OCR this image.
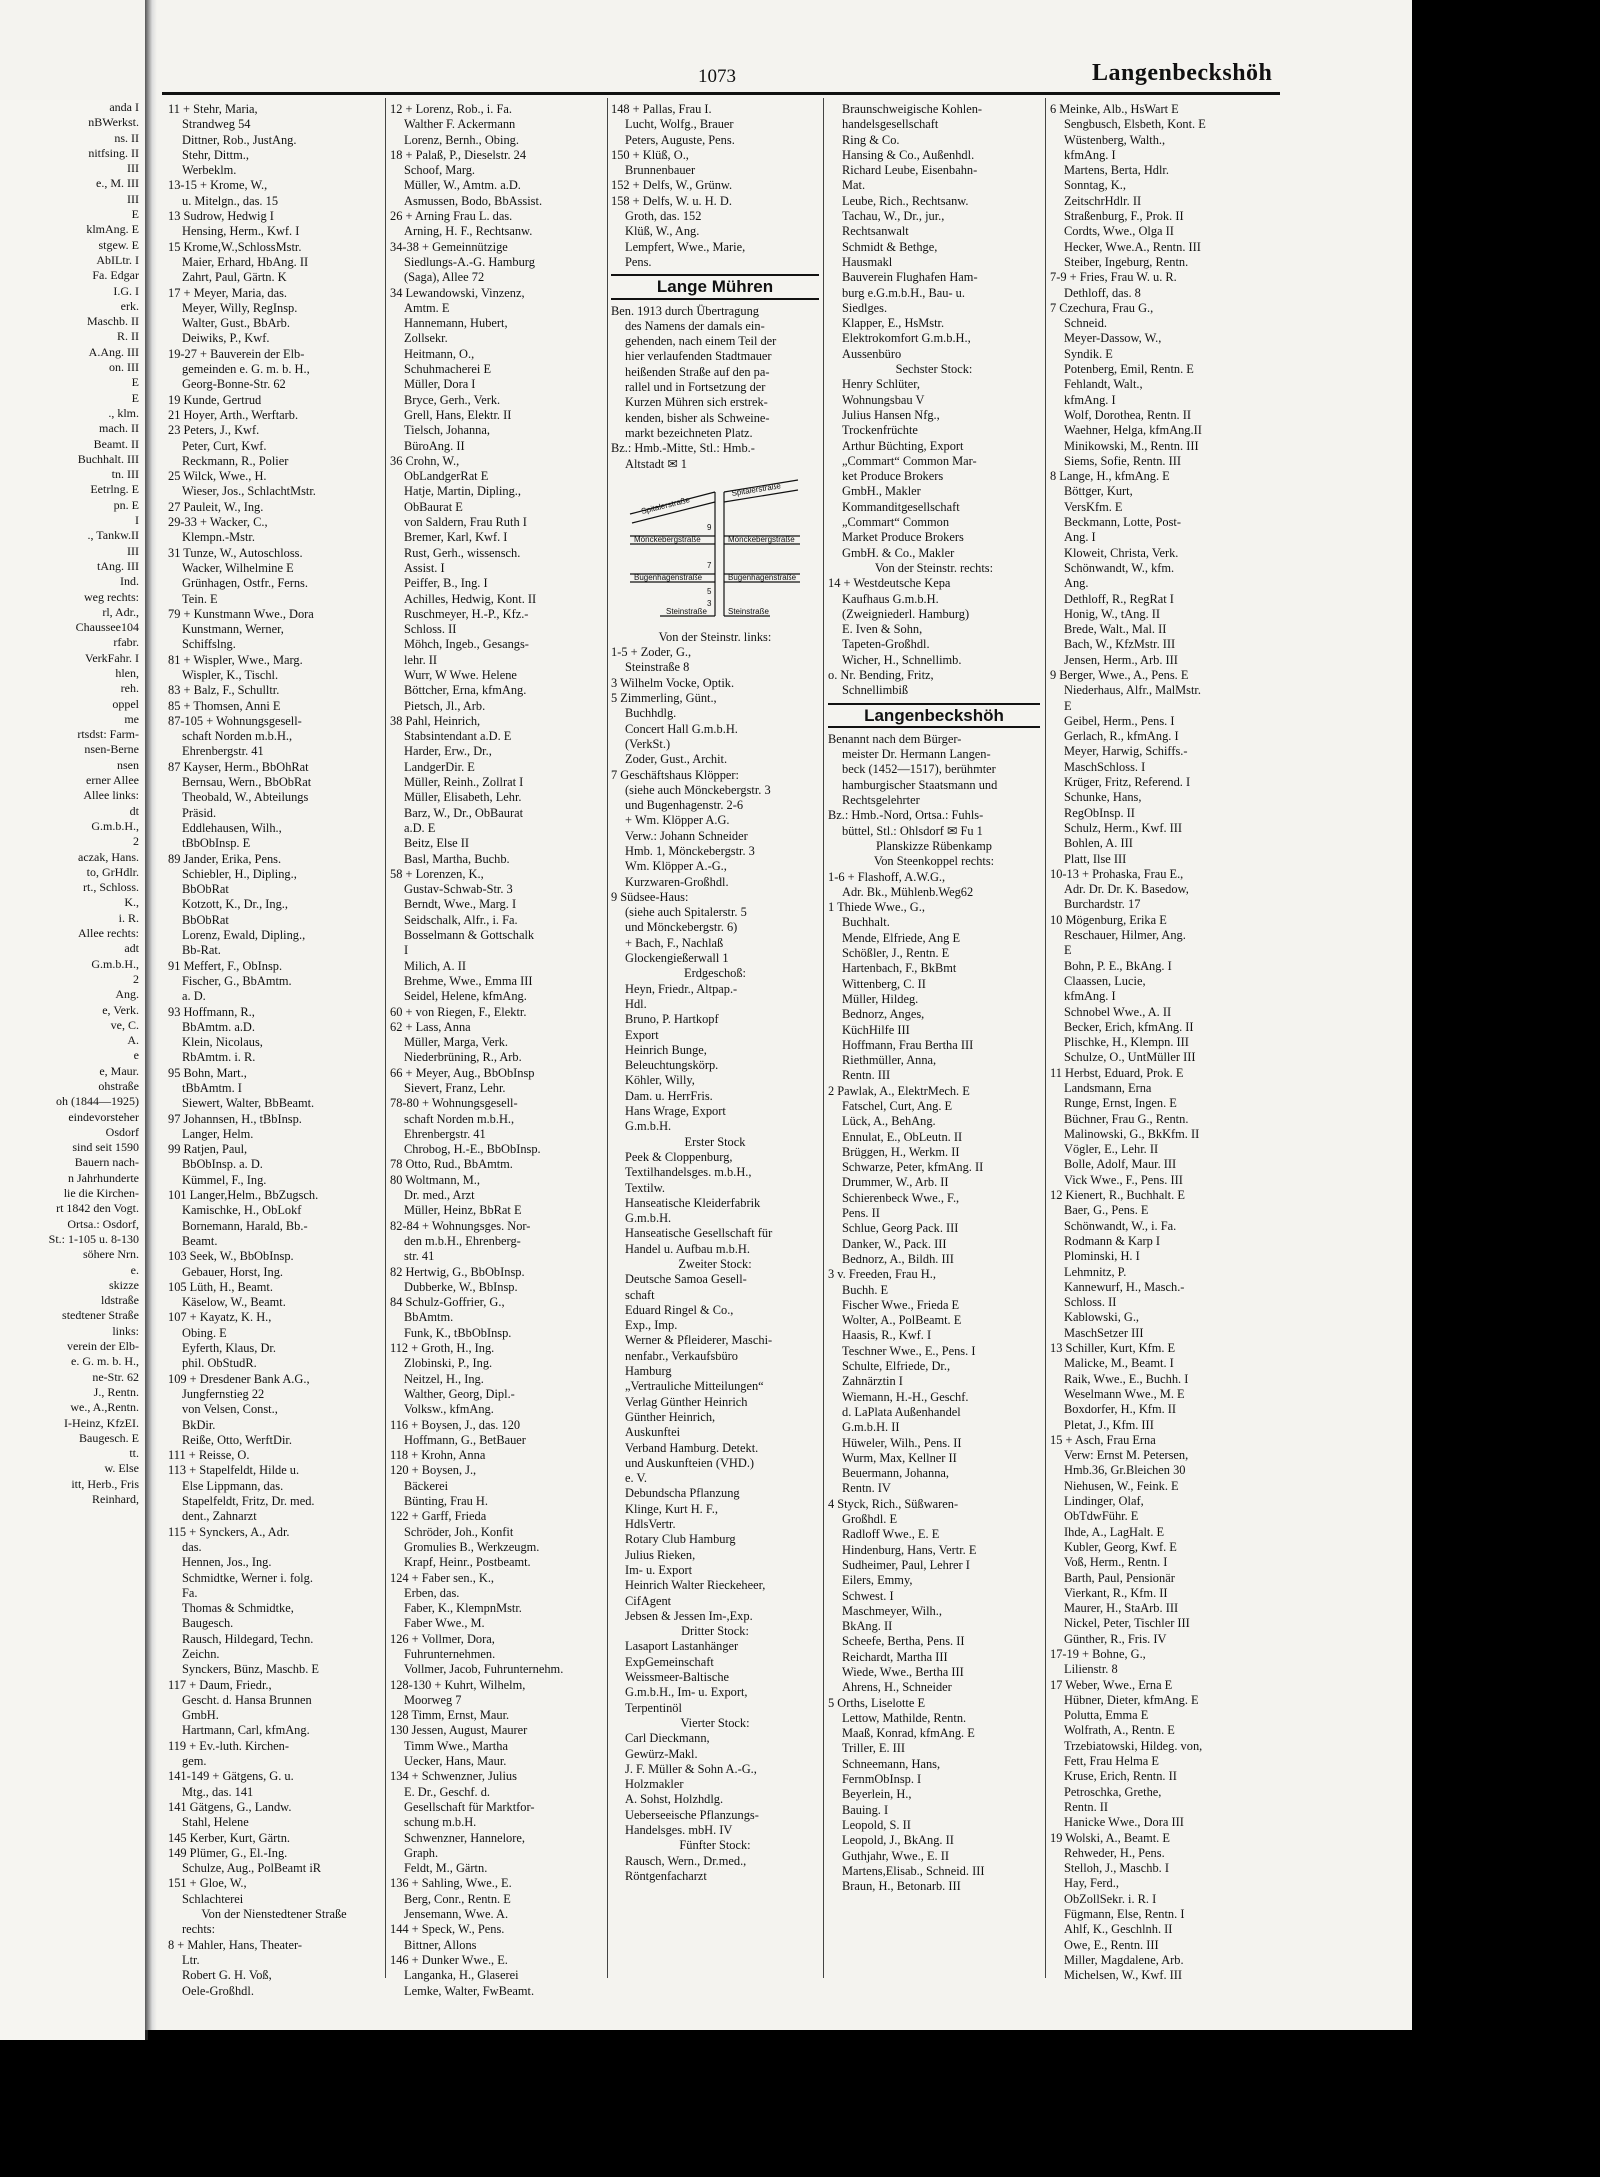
anda I
nBWerkst.
ns. II
nitfsing. II
III
e., M. III
III
E
klmAng. E
stgew. E
AbILtr. I
Fa. Edgar
I.G. I
erk.
Maschb. II
R. II
A.Ang. III
on. III
E
E
., klm.
mach. II
Beamt. II
Buchhalt. III
tn. III
Eetrlng. E
pn. E
I
., Tankw.II
III
tAng. III
Ind.
weg rechts:
rl, Adr.,
Chaussee104
rfabr.
VerkFahr. I
hlen,
reh.
oppel
me
rtsdst: Farm-
nsen-Berne
nsen
erner Allee
Allee links:
dt
G.m.b.H.,
2
aczak, Hans.
to, GrHdlr.
rt., Schloss.
K.,
i. R.
Allee rechts:
adt
G.m.b.H.,
2
Ang.
e, Verk.
ve, C.
A.
e
e, Maur.
ohstraße
oh (1844—1925)
eindevorsteher
Osdorf
sind seit 1590
Bauern nach-
n Jahrhunderte
lie die Kirchen-
rt 1842 den Vogt.
Ortsa.: Osdorf,
St.: 1-105 u. 8-130
söhere Nrn.
e.
skizze
ldstraße
stedtener Straße
links:
verein der Elb-
e. G. m. b. H.,
ne-Str. 62
J., Rentn.
we., A.,Rentn.
I-Heinz, KfzEI.
Baugesch. E
tt.
w. Else
itt, Herb., Fris
Reinhard,
1073	Langenbeckshöh
11 + Stehr, Maria,
Strandweg 54
Dittner, Rob., JustAng.
Stehr, Dittm.,
Werbeklm.
13-15 + Krome, W.,
u. Mitelgn., das. 15
13 Sudrow, Hedwig I
Hensing, Herm., Kwf. I
15 Krome,W.,SchlossMstr.
Maier, Erhard, HbAng. II
Zahrt, Paul, Gärtn. K
17 + Meyer, Maria, das.
Meyer, Willy, RegInsp.
Walter, Gust., BbArb.
Deiwiks, P., Kwf.
19-27 + Bauverein der Elb-
gemeinden e. G. m. b. H.,
Georg-Bonne-Str. 62
19 Kunde, Gertrud
21 Hoyer, Arth., Werftarb.
23 Peters, J., Kwf.
Peter, Curt, Kwf.
Reckmann, R., Polier
25 Wilck, Wwe., H.
Wieser, Jos., SchlachtMstr.
27 Pauleit, W., Ing.
29-33 + Wacker, C.,
Klempn.-Mstr.
31 Tunze, W., Autoschloss.
Wacker, Wilhelmine E
Grünhagen, Ostfr., Ferns.
Tein. E
79 + Kunstmann Wwe., Dora
Kunstmann, Werner,
Schiffslng.
81 + Wispler, Wwe., Marg.
Wispler, K., Tischl.
83 + Balz, F., Schulltr.
85 + Thomsen, Anni E
87-105 + Wohnungsgesell-
schaft Norden m.b.H.,
Ehrenbergstr. 41
87 Kayser, Herm., BbOhRat
Bernsau, Wern., BbObRat
Theobald, W., Abteilungs
Präsid.
Eddlehausen, Wilh.,
tBbObInsp. E
89 Jander, Erika, Pens.
Schiebler, H., Dipling.,
BbObRat
Kotzott, K., Dr., Ing.,
BbObRat
Lorenz, Ewald, Dipling.,
Bb-Rat.
91 Meffert, F., ObInsp.
Fischer, G., BbAmtm.
a. D.
93 Hoffmann, R.,
BbAmtm. a.D.
Klein, Nicolaus,
RbAmtm. i. R.
95 Bohn, Mart.,
tBbAmtm. I
Siewert, Walter, BbBeamt.
97 Johannsen, H., tBbInsp.
Langer, Helm.
99 Ratjen, Paul,
BbObInsp. a. D.
Kümmel, F., Ing.
101 Langer,Helm., BbZugsch.
Kamischke, H., ObLokf
Bornemann, Harald, Bb.-
Beamt.
103 Seek, W., BbObInsp.
Gebauer, Horst, Ing.
105 Lüth, H., Beamt.
Käselow, W., Beamt.
107 + Kayatz, K. H.,
Obing. E
Eyferth, Klaus, Dr.
phil. ObStudR.
109 + Dresdener Bank A.G.,
Jungfernstieg 22
von Velsen, Const.,
BkDir.
Reiße, Otto, WerftDir.
111 + Reisse, O.
113 + Stapelfeldt, Hilde u.
Else Lippmann, das.
Stapelfeldt, Fritz, Dr. med.
dent., Zahnarzt
115 + Synckers, A., Adr.
das.
Hennen, Jos., Ing.
Schmidtke, Werner i. folg.
Fa.
Thomas & Schmidtke,
Baugesch.
Rausch, Hildegard, Techn.
Zeichn.
Synckers, Bünz, Maschb. E
117 + Daum, Friedr.,
Gescht. d. Hansa Brunnen
GmbH.
Hartmann, Carl, kfmAng.
119 + Ev.-luth. Kirchen-
gem.
141-149 + Gätgens, G. u.
Mtg., das. 141
141 Gätgens, G., Landw.
Stahl, Helene
145 Kerber, Kurt, Gärtn.
149 Plümer, G., El.-Ing.
Schulze, Aug., PolBeamt iR
151 + Gloe, W.,
Schlachterei
Von der Nienstedtener Straße
rechts:
8 + Mahler, Hans, Theater-
Ltr.
Robert G. H. Voß,
Oele-Großhdl.
12 + Lorenz, Rob., i. Fa.
Walther F. Ackermann
Lorenz, Bernh., Obing.
18 + Palaß, P., Dieselstr. 24
Schoof, Marg.
Müller, W., Amtm. a.D.
Asmussen, Bodo, BbAssist.
26 + Arning Frau L. das.
Arning, H. F., Rechtsanw.
34-38 + Gemeinnützige
Siedlungs-A.-G. Hamburg
(Saga), Allee 72
34 Lewandowski, Vinzenz,
Amtm. E
Hannemann, Hubert,
Zollsekr.
Heitmann, O.,
Schuhmacherei E
Müller, Dora I
Bryce, Gerh., Verk.
Grell, Hans, Elektr. II
Tielsch, Johanna,
BüroAng. II
36 Crohn, W.,
ObLandgerRat E
Hatje, Martin, Dipling.,
ObBaurat E
von Saldern, Frau Ruth I
Bremer, Karl, Kwf. I
Rust, Gerh., wissensch.
Assist. I
Peiffer, B., Ing. I
Achilles, Hedwig, Kont. II
Ruschmeyer, H.-P., Kfz.-
Schloss. II
Möhch, Ingeb., Gesangs-
lehr. II
Wurr, W Wwe. Helene
Böttcher, Erna, kfmAng.
Pietsch, Jl., Arb.
38 Pahl, Heinrich,
Stabsintendant a.D. E
Harder, Erw., Dr.,
LandgerDir. E
Müller, Reinh., Zollrat I
Müller, Elisabeth, Lehr.
Barz, W., Dr., ObBaurat
a.D. E
Beitz, Else II
Basl, Martha, Buchb.
58 + Lorenzen, K.,
Gustav-Schwab-Str. 3
Berndt, Wwe., Marg. I
Seidschalk, Alfr., i. Fa.
Bosselmann & Gottschalk
I
Milich, A. II
Brehme, Wwe., Emma III
Seidel, Helene, kfmAng.
60 + von Riegen, F., Elektr.
62 + Lass, Anna
Müller, Marga, Verk.
Niederbrüning, R., Arb.
66 + Meyer, Aug., BbObInsp
Sievert, Franz, Lehr.
78-80 + Wohnungsgesell-
schaft Norden m.b.H.,
Ehrenbergstr. 41
Chrobog, H.-E., BbObInsp.
78 Otto, Rud., BbAmtm.
80 Woltmann, M.,
Dr. med., Arzt
Müller, Heinz, BbRat E
82-84 + Wohnungsges. Nor-
den m.b.H., Ehrenberg-
str. 41
82 Hertwig, G., BbObInsp.
Dubberke, W., BbInsp.
84 Schulz-Goffrier, G.,
BbAmtm.
Funk, K., tBbObInsp.
112 + Groth, H., Ing.
Zlobinski, P., Ing.
Neitzel, H., Ing.
Walther, Georg, Dipl.-
Volksw., kfmAng.
116 + Boysen, J., das. 120
Hoffmann, G., BetBauer
118 + Krohn, Anna
120 + Boysen, J.,
Bäckerei
Bünting, Frau H.
122 + Garff, Frieda
Schröder, Joh., Konfit
Gromulies B., Werkzeugm.
Krapf, Heinr., Postbeamt.
124 + Faber sen., K.,
Erben, das.
Faber, K., KlempnMstr.
Faber Wwe., M.
126 + Vollmer, Dora,
Fuhrunternehmen.
Vollmer, Jacob, Fuhrunternehm.
128-130 + Kuhrt, Wilhelm,
Moorweg 7
128 Timm, Ernst, Maur.
130 Jessen, August, Maurer
Timm Wwe., Martha
Uecker, Hans, Maur.
134 + Schwenzner, Julius
E. Dr., Geschf. d.
Gesellschaft für Marktfor-
schung m.b.H.
Schwenzner, Hannelore,
Graph.
Feldt, M., Gärtn.
136 + Sahling, Wwe., E.
Berg, Conr., Rentn. E
Jensemann, Wwe. A.
144 + Speck, W., Pens.
Bittner, Allons
146 + Dunker Wwe., E.
Langanka, H., Glaserei
Lemke, Walter, FwBeamt.
148 + Pallas, Frau I.
Lucht, Wolfg., Brauer
Peters, Auguste, Pens.
150 + Klüß, O.,
Brunnenbauer
152 + Delfs, W., Grünw.
158 + Delfs, W. u. H. D.
Groth, das. 152
Klüß, W., Ang.
Lempfert, Wwe., Marie,
Pens.
Lange Mühren
Ben. 1913 durch Übertragung
des Namens der damals ein-
gehenden, nach einem Teil der
hier verlaufenden Stadtmauer
heißenden Straße auf den pa-
rallel und in Fortsetzung der
Kurzen Mühren sich erstrek-
kenden, bisher als Schweine-
markt bezeichneten Platz.
Bz.: Hmb.-Mitte, Stl.: Hmb.-
Altstadt ✉ 1
Spitalerstraße
Spitalerstraße
Mönckebergstraße	Mönckebergstraße
Bugenhagenstraße	Bugenhagenstraße
Steinstraße	Steinstraße
9
7
5
3
Von der Steinstr. links:
1-5 + Zoder, G.,
Steinstraße 8
3 Wilhelm Vocke, Optik.
5 Zimmerling, Günt.,
Buchhdlg.
Concert Hall G.m.b.H.
(VerkSt.)
Zoder, Gust., Archit.
7 Geschäftshaus Klöpper:
(siehe auch Mönckebergstr. 3
und Bugenhagenstr. 2-6
+ Wm. Klöpper A.G.
Verw.: Johann Schneider
Hmb. 1, Mönckebergstr. 3
Wm. Klöpper A.-G.,
Kurzwaren-Großhdl.
9 Südsee-Haus:
(siehe auch Spitalerstr. 5
und Mönckebergstr. 6)
+ Bach, F., Nachlaß
Glockengießerwall 1
Erdgeschoß:
Heyn, Friedr., Altpap.-
Hdl.
Bruno, P. Hartkopf
Export
Heinrich Bunge,
Beleuchtungskörp.
Köhler, Willy,
Dam. u. HerrFris.
Hans Wrage, Export
G.m.b.H.
Erster Stock
Peek & Cloppenburg,
Textilhandelsges. m.b.H.,
Textilw.
Hanseatische Kleiderfabrik
G.m.b.H.
Hanseatische Gesellschaft für
Handel u. Aufbau m.b.H.
Zweiter Stock:
Deutsche Samoa Gesell-
schaft
Eduard Ringel & Co.,
Exp., Imp.
Werner & Pfleiderer, Maschi-
nenfabr., Verkaufsbüro
Hamburg
„Vertrauliche Mitteilungen“
Verlag Günther Heinrich
Günther Heinrich,
Auskunftei
Verband Hamburg. Detekt.
und Auskunfteien (VHD.)
e. V.
Debundscha Pflanzung
Klinge, Kurt H. F.,
HdlsVertr.
Rotary Club Hamburg
Julius Rieken,
Im- u. Export
Heinrich Walter Rieckeheer,
CifAgent
Jebsen & Jessen Im-,Exp.
Dritter Stock:
Lasaport Lastanhänger
ExpGemeinschaft
Weissmeer-Baltische
G.m.b.H., Im- u. Export,
Terpentinöl
Vierter Stock:
Carl Dieckmann,
Gewürz-Makl.
J. F. Müller & Sohn A.-G.,
Holzmakler
A. Sohst, Holzhdlg.
Ueberseeische Pflanzungs-
Handelsges. mbH. IV
Fünfter Stock:
Rausch, Wern., Dr.med.,
Röntgenfacharzt
Braunschweigische Kohlen-
handelsgesellschaft
Ring & Co.
Hansing & Co., Außenhdl.
Richard Leube, Eisenbahn-
Mat.
Leube, Rich., Rechtsanw.
Tachau, W., Dr., jur.,
Rechtsanwalt
Schmidt & Bethge,
Hausmakl
Bauverein Flughafen Ham-
burg e.G.m.b.H., Bau- u.
Siedlges.
Klapper, E., HsMstr.
Elektrokomfort G.m.b.H.,
Aussenbüro
Sechster Stock:
Henry Schlüter,
Wohnungsbau V
Julius Hansen Nfg.,
Trockenfrüchte
Arthur Büchting, Export
„Commart“ Common Mar-
ket Produce Brokers
GmbH., Makler
Kommanditgesellschaft
„Commart“ Common
Market Produce Brokers
GmbH. & Co., Makler
Von der Steinstr. rechts:
14 + Westdeutsche Kepa
Kaufhaus G.m.b.H.
(Zweigniederl. Hamburg)
E. Iven & Sohn,
Tapeten-Großhdl.
Wicher, H., Schnellimb.
o. Nr. Bending, Fritz,
Schnellimbiß
Langenbeckshöh
Benannt nach dem Bürger-
meister Dr. Hermann Langen-
beck (1452—1517), berühmter
hamburgischer Staatsmann und
Rechtsgelehrter
Bz.: Hmb.-Nord, Ortsa.: Fuhls-
büttel, Stl.: Ohlsdorf ✉ Fu 1
Planskizze Rübenkamp
Von Steenkoppel rechts:
1-6 + Flashoff, A.W.G.,
Adr. Bk., Mühlenb.Weg62
1 Thiede Wwe., G.,
Buchhalt.
Mende, Elfriede, Ang E
Schößler, J., Rentn. E
Hartenbach, F., BkBmt
Wittenberg, C. II
Müller, Hildeg.
Bednorz, Anges,
KüchHilfe III
Hoffmann, Frau Bertha III
Riethmüller, Anna,
Rentn. III
2 Pawlak, A., ElektrMech. E
Fatschel, Curt, Ang. E
Lück, A., BehAng.
Ennulat, E., ObLeutn. II
Brüggen, H., Werkm. II
Schwarze, Peter, kfmAng. II
Drummer, W., Arb. II
Schierenbeck Wwe., F.,
Pens. II
Schlue, Georg Pack. III
Danker, W., Pack. III
Bednorz, A., Bildh. III
3 v. Freeden, Frau H.,
Buchh. E
Fischer Wwe., Frieda E
Wolter, A., PolBeamt. E
Haasis, R., Kwf. I
Teschner Wwe., E., Pens. I
Schulte, Elfriede, Dr.,
Zahnärztin I
Wiemann, H.-H., Geschf.
d. LaPlata Außenhandel
G.m.b.H. II
Hüweler, Wilh., Pens. II
Wurm, Max, Kellner II
Beuermann, Johanna,
Rentn. IV
4 Styck, Rich., Süßwaren-
Großhdl. E
Radloff Wwe., E. E
Hindenburg, Hans, Vertr. E
Sudheimer, Paul, Lehrer I
Eilers, Emmy,
Schwest. I
Maschmeyer, Wilh.,
BkAng. II
Scheefe, Bertha, Pens. II
Reichardt, Martha III
Wiede, Wwe., Bertha III
Ahrens, H., Schneider
5 Orths, Liselotte E
Lettow, Mathilde, Rentn.
Maaß, Konrad, kfmAng. E
Triller, E. III
Schneemann, Hans,
FernmObInsp. I
Beyerlein, H.,
Bauing. I
Leopold, S. II
Leopold, J., BkAng. II
Guthjahr, Wwe., E. II
Martens,Elisab., Schneid. III
Braun, H., Betonarb. III
6 Meinke, Alb., HsWart E
Sengbusch, Elsbeth, Kont. E
Wüstenberg, Walth.,
kfmAng. I
Martens, Berta, Hdlr.
Sonntag, K.,
ZeitschrHdlr. II
Straßenburg, F., Prok. II
Cordts, Wwe., Olga II
Hecker, Wwe.A., Rentn. III
Steiber, Ingeburg, Rentn.
7-9 + Fries, Frau W. u. R.
Dethloff, das. 8
7 Czechura, Frau G.,
Schneid.
Meyer-Dassow, W.,
Syndik. E
Potenberg, Emil, Rentn. E
Fehlandt, Walt.,
kfmAng. I
Wolf, Dorothea, Rentn. II
Waehner, Helga, kfmAng.II
Minikowski, M., Rentn. III
Siems, Sofie, Rentn. III
8 Lange, H., kfmAng. E
Böttger, Kurt,
VersKfm. E
Beckmann, Lotte, Post-
Ang. I
Kloweit, Christa, Verk.
Schönwandt, W., kfm.
Ang.
Dethloff, R., RegRat I
Honig, W., tAng. II
Brede, Walt., Mal. II
Bach, W., KfzMstr. III
Jensen, Herm., Arb. III
9 Berger, Wwe., A., Pens. E
Niederhaus, Alfr., MalMstr.
E
Geibel, Herm., Pens. I
Gerlach, R., kfmAng. I
Meyer, Harwig, Schiffs.-
MaschSchloss. I
Krüger, Fritz, Referend. I
Schunke, Hans,
RegObInsp. II
Schulz, Herm., Kwf. III
Bohlen, A. III
Platt, Ilse III
10-13 + Prohaska, Frau E.,
Adr. Dr. Dr. K. Basedow,
Burchardstr. 17
10 Mögenburg, Erika E
Reschauer, Hilmer, Ang.
E
Bohn, P. E., BkAng. I
Claassen, Lucie,
kfmAng. I
Schnobel Wwe., A. II
Becker, Erich, kfmAng. II
Plischke, H., Klempn. III
Schulze, O., UntMüller III
11 Herbst, Eduard, Prok. E
Landsmann, Erna
Runge, Ernst, Ingen. E
Büchner, Frau G., Rentn.
Malinowski, G., BkKfm. II
Vögler, E., Lehr. II
Bolle, Adolf, Maur. III
Vick Wwe., F., Pens. III
12 Kienert, R., Buchhalt. E
Baer, G., Pens. E
Schönwandt, W., i. Fa.
Rodmann & Karp I
Plominski, H. I
Lehmnitz, P.
Kannewurf, H., Masch.-
Schloss. II
Kablowski, G.,
MaschSetzer III
13 Schiller, Kurt, Kfm. E
Malicke, M., Beamt. I
Raik, Wwe., E., Buchh. I
Weselmann Wwe., M. E
Boxdorfer, H., Kfm. II
Pletat, J., Kfm. III
15 + Asch, Frau Erna
Verw: Ernst M. Petersen,
Hmb.36, Gr.Bleichen 30
Niehusen, W., Feink. E
Lindinger, Olaf,
ObTdwFühr. E
Ihde, A., LagHalt. E
Kubler, Georg, Kwf. E
Voß, Herm., Rentn. I
Barth, Paul, Pensionär
Vierkant, R., Kfm. II
Maurer, H., StaArb. III
Nickel, Peter, Tischler III
Günther, R., Fris. IV
17-19 + Bohne, G.,
Lilienstr. 8
17 Weber, Wwe., Erna E
Hübner, Dieter, kfmAng. E
Polutta, Emma E
Wolfrath, A., Rentn. E
Trzebiatowski, Hildeg. von,
Fett, Frau Helma E
Kruse, Erich, Rentn. II
Petroschka, Grethe,
Rentn. II
Hanicke Wwe., Dora III
19 Wolski, A., Beamt. E
Rehweder, H., Pens.
Stelloh, J., Maschb. I
Hay, Ferd.,
ObZollSekr. i. R. I
Fügmann, Else, Rentn. I
Ahlf, K., Geschlnh. II
Owe, E., Rentn. III
Miller, Magdalene, Arb.
Michelsen, W., Kwf. III
